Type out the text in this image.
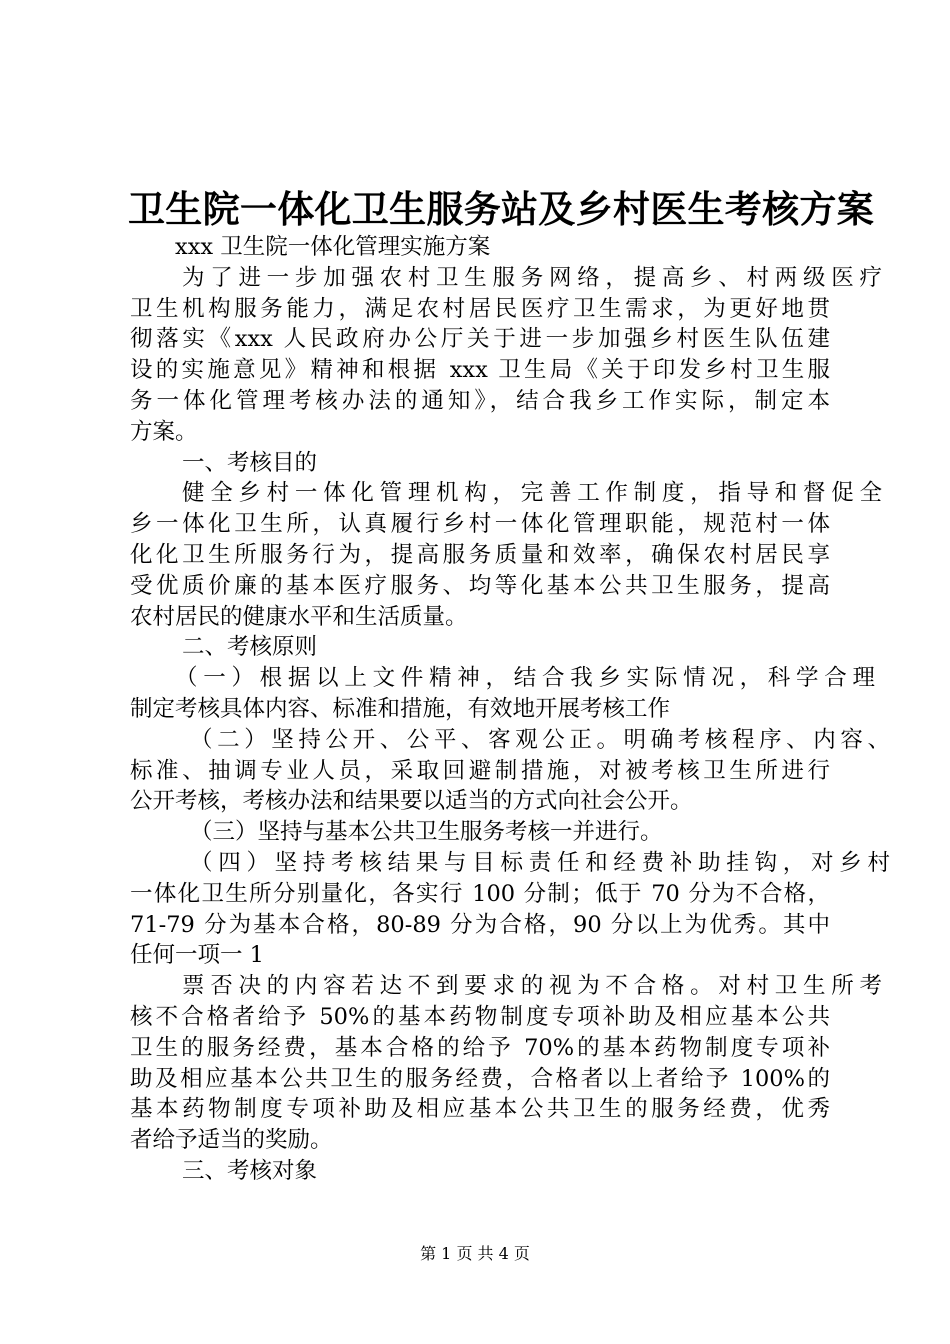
卫生院一体化卫生服务站及乡村医生考核方案
xxx 卫生院一体化管理实施方案
为了进一步加强农村卫生服务网络，提高乡、村两级医疗
卫生机构服务能力，满足农村居民医疗卫生需求，为更好地贯
彻落实《xxx 人民政府办公厅关于进一步加强乡村医生队伍建
设的实施意见》精神和根据 xxx 卫生局《关于印发乡村卫生服
务一体化管理考核办法的通知》，结合我乡工作实际，制定本
方案。
一、考核目的
健全乡村一体化管理机构，完善工作制度，指导和督促全
乡一体化卫生所，认真履行乡村一体化管理职能，规范村一体
化化卫生所服务行为，提高服务质量和效率，确保农村居民享
受优质价廉的基本医疗服务、均等化基本公共卫生服务，提高
农村居民的健康水平和生活质量。
二、考核原则
（一）根据以上文件精神，结合我乡实际情况，科学合理
制定考核具体内容、标准和措施，有效地开展考核工作
（二）坚持公开、公平、客观公正。明确考核程序、内容、
标准、抽调专业人员，采取回避制措施，对被考核卫生所进行
公开考核，考核办法和结果要以适当的方式向社会公开。
（三）坚持与基本公共卫生服务考核一并进行。
（四）坚持考核结果与目标责任和经费补助挂钩，对乡村
一体化卫生所分别量化，各实行 100 分制；低于 70 分为不合格，
71-79 分为基本合格，80-89 分为合格，90 分以上为优秀。其中
任何一项一 1
票否决的内容若达不到要求的视为不合格。对村卫生所考
核不合格者给予 50%的基本药物制度专项补助及相应基本公共
卫生的服务经费，基本合格的给予 70%的基本药物制度专项补
助及相应基本公共卫生的服务经费，合格者以上者给予 100%的
基本药物制度专项补助及相应基本公共卫生的服务经费，优秀
者给予适当的奖励。
三、考核对象
第 1 页 共 4 页
